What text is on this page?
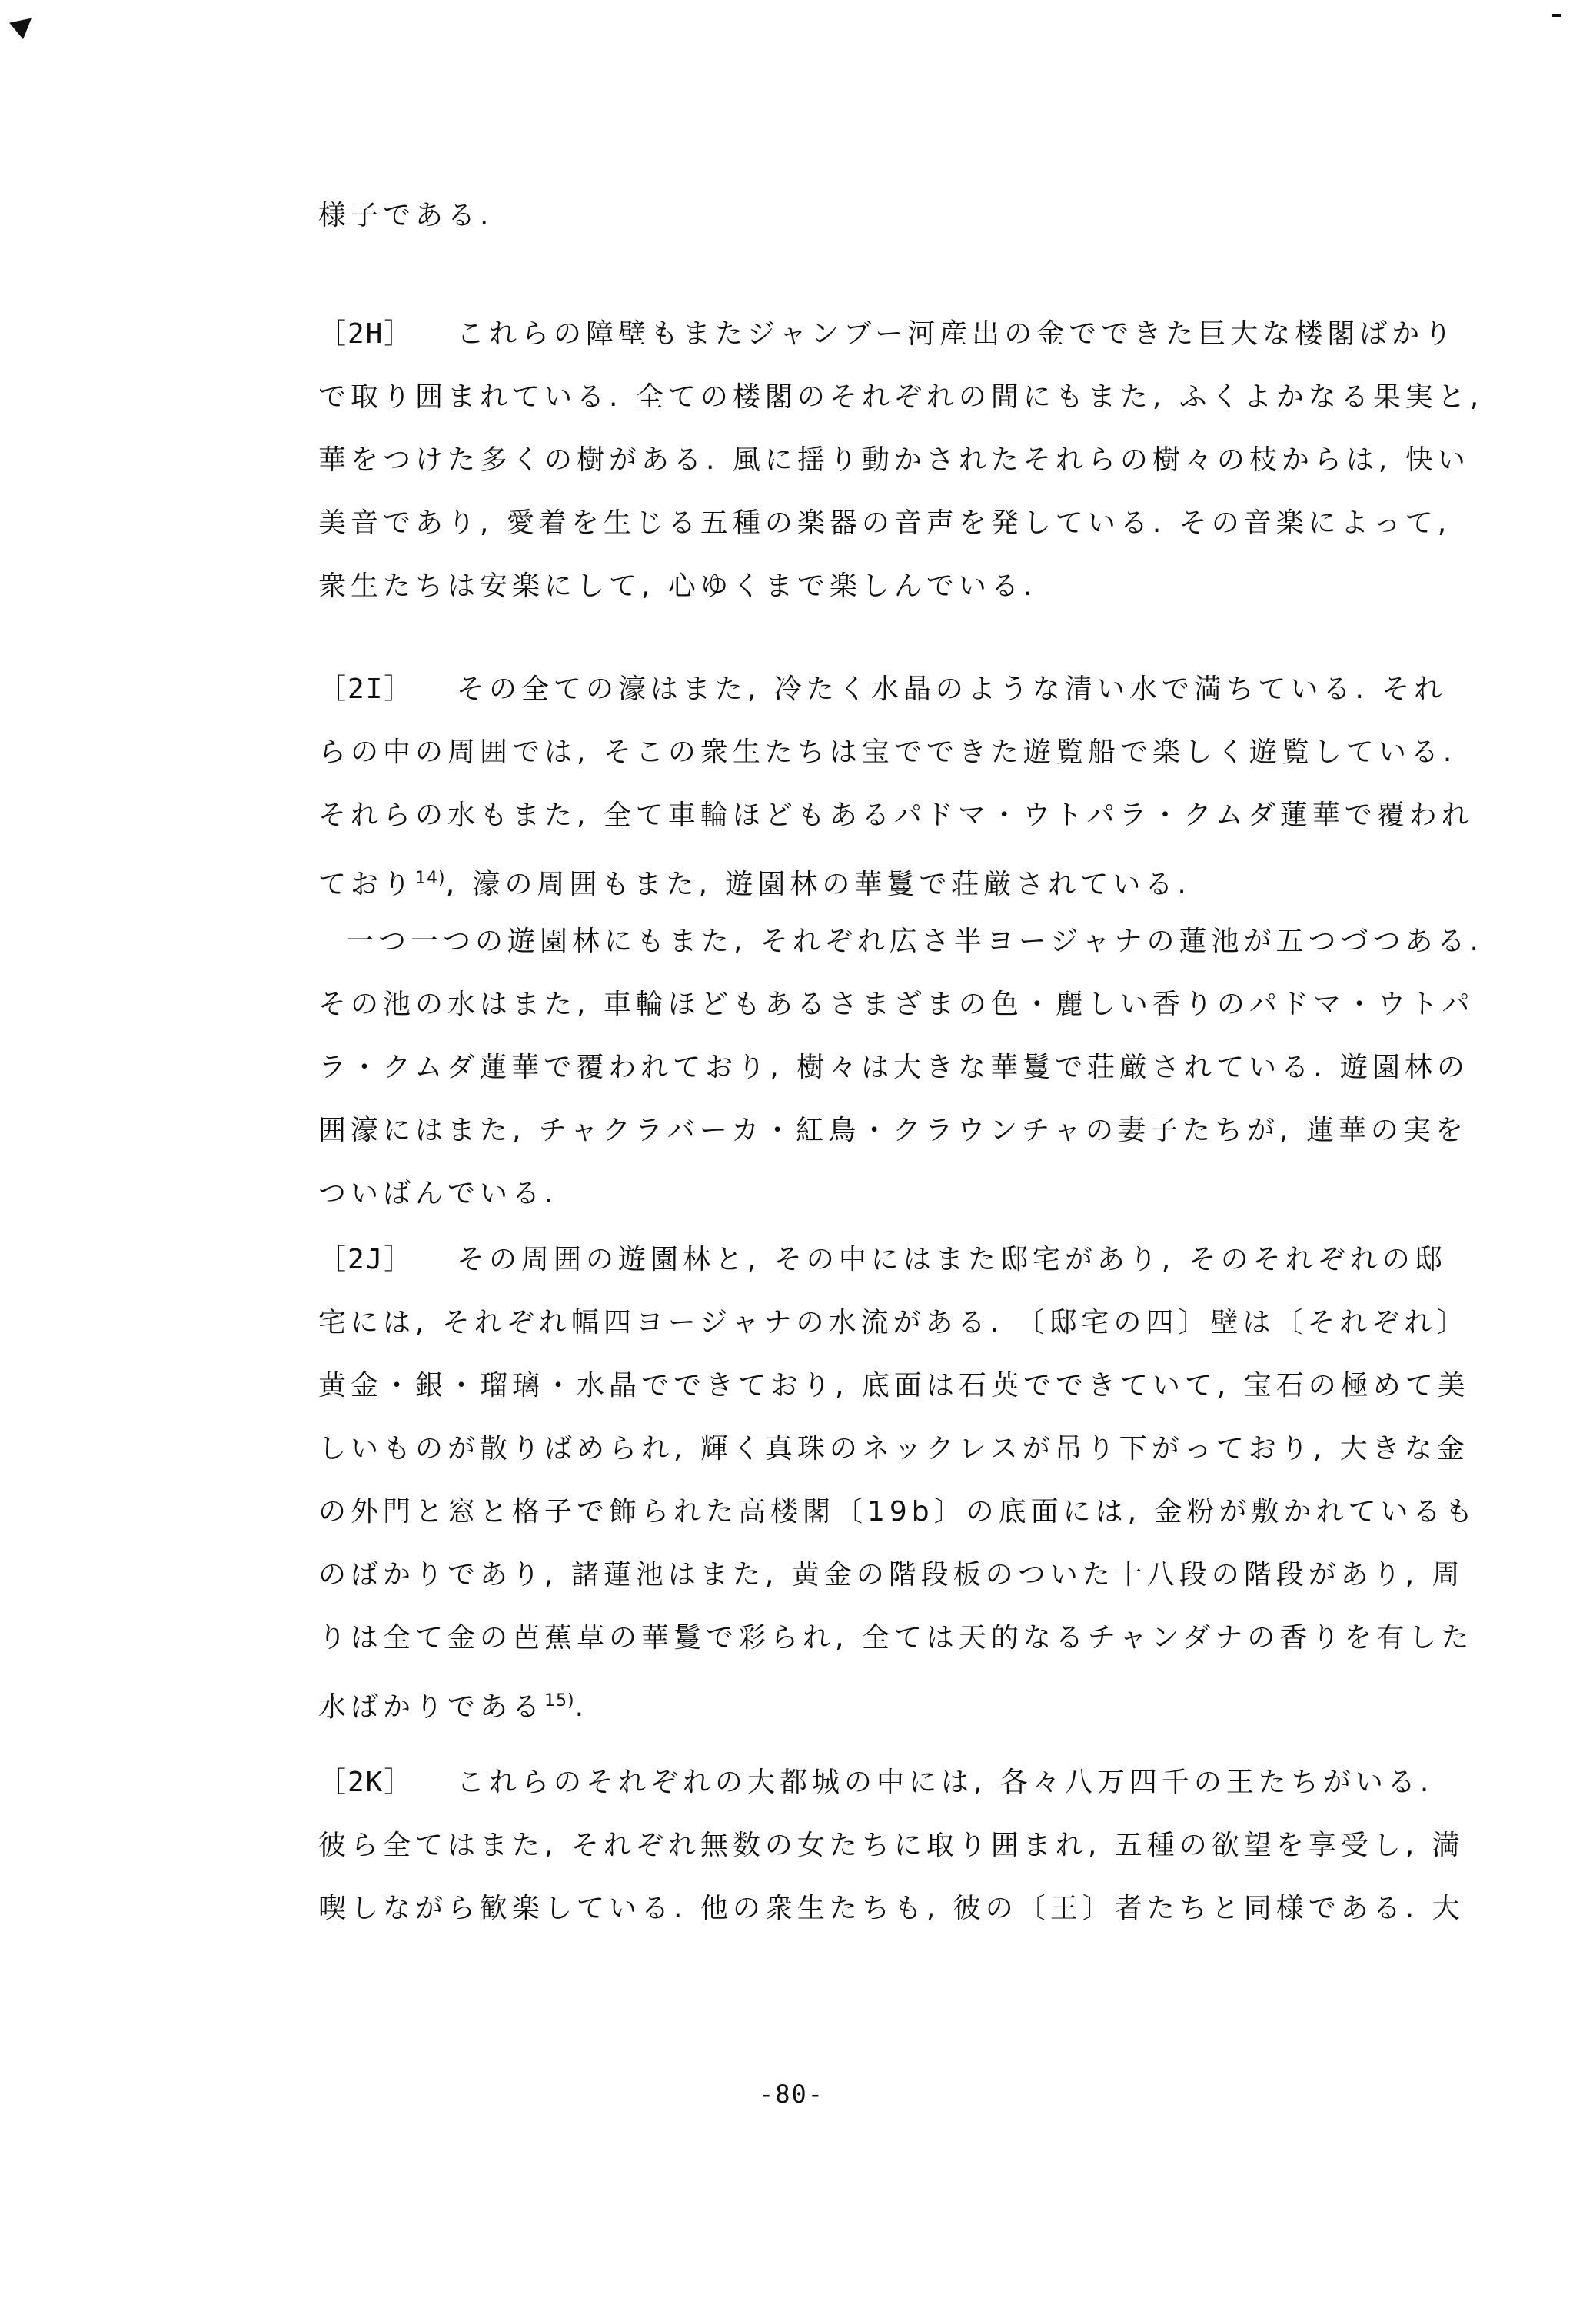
様子である.
［2H］ これらの障壁もまたジャンブー河産出の金でできた巨大な楼閣ばかり
で取り囲まれている. 全ての楼閣のそれぞれの間にもまた, ふくよかなる果実と,
華をつけた多くの樹がある. 風に揺り動かされたそれらの樹々の枝からは, 快い
美音であり, 愛着を生じる五種の楽器の音声を発している. その音楽によって,
衆生たちは安楽にして, 心ゆくまで楽しんでいる.
［2I］ その全ての濠はまた, 冷たく水晶のような清い水で満ちている. それ
らの中の周囲では, そこの衆生たちは宝でできた遊覧船で楽しく遊覧している.
それらの水もまた, 全て車輪ほどもあるパドマ・ウトパラ・クムダ蓮華で覆われ
ており$^{14)}$, 濠の周囲もまた, 遊園林の華鬘で荘厳されている.
一つ一つの遊園林にもまた, それぞれ広さ半ヨージャナの蓮池が五つづつある.
その池の水はまた, 車輪ほどもあるさまざまの色・麗しい香りのパドマ・ウトパ
ラ・クムダ蓮華で覆われており, 樹々は大きな華鬘で荘厳されている. 遊園林の
囲濠にはまた, チャクラバーカ・紅鳥・クラウンチャの妻子たちが, 蓮華の実を
ついばんでいる.
［2J］ その周囲の遊園林と, その中にはまた邸宅があり, そのそれぞれの邸
宅には, それぞれ幅四ヨージャナの水流がある. 〔邸宅の四〕壁は〔それぞれ〕
黄金・銀・瑠璃・水晶でできており, 底面は石英でできていて, 宝石の極めて美
しいものが散りばめられ, 輝く真珠のネックレスが吊り下がっており, 大きな金
の外門と窓と格子で飾られた高楼閣〔19b〕の底面には, 金粉が敷かれているも
のばかりであり, 諸蓮池はまた, 黄金の階段板のついた十八段の階段があり, 周
りは全て金の芭蕉草の華鬘で彩られ, 全ては天的なるチャンダナの香りを有した
水ばかりである$^{15)}$.
［2K］ これらのそれぞれの大都城の中には, 各々八万四千の王たちがいる.
彼ら全てはまた, それぞれ無数の女たちに取り囲まれ, 五種の欲望を享受し, 満
喫しながら歓楽している. 他の衆生たちも, 彼の〔王〕者たちと同様である. 大
-80-
